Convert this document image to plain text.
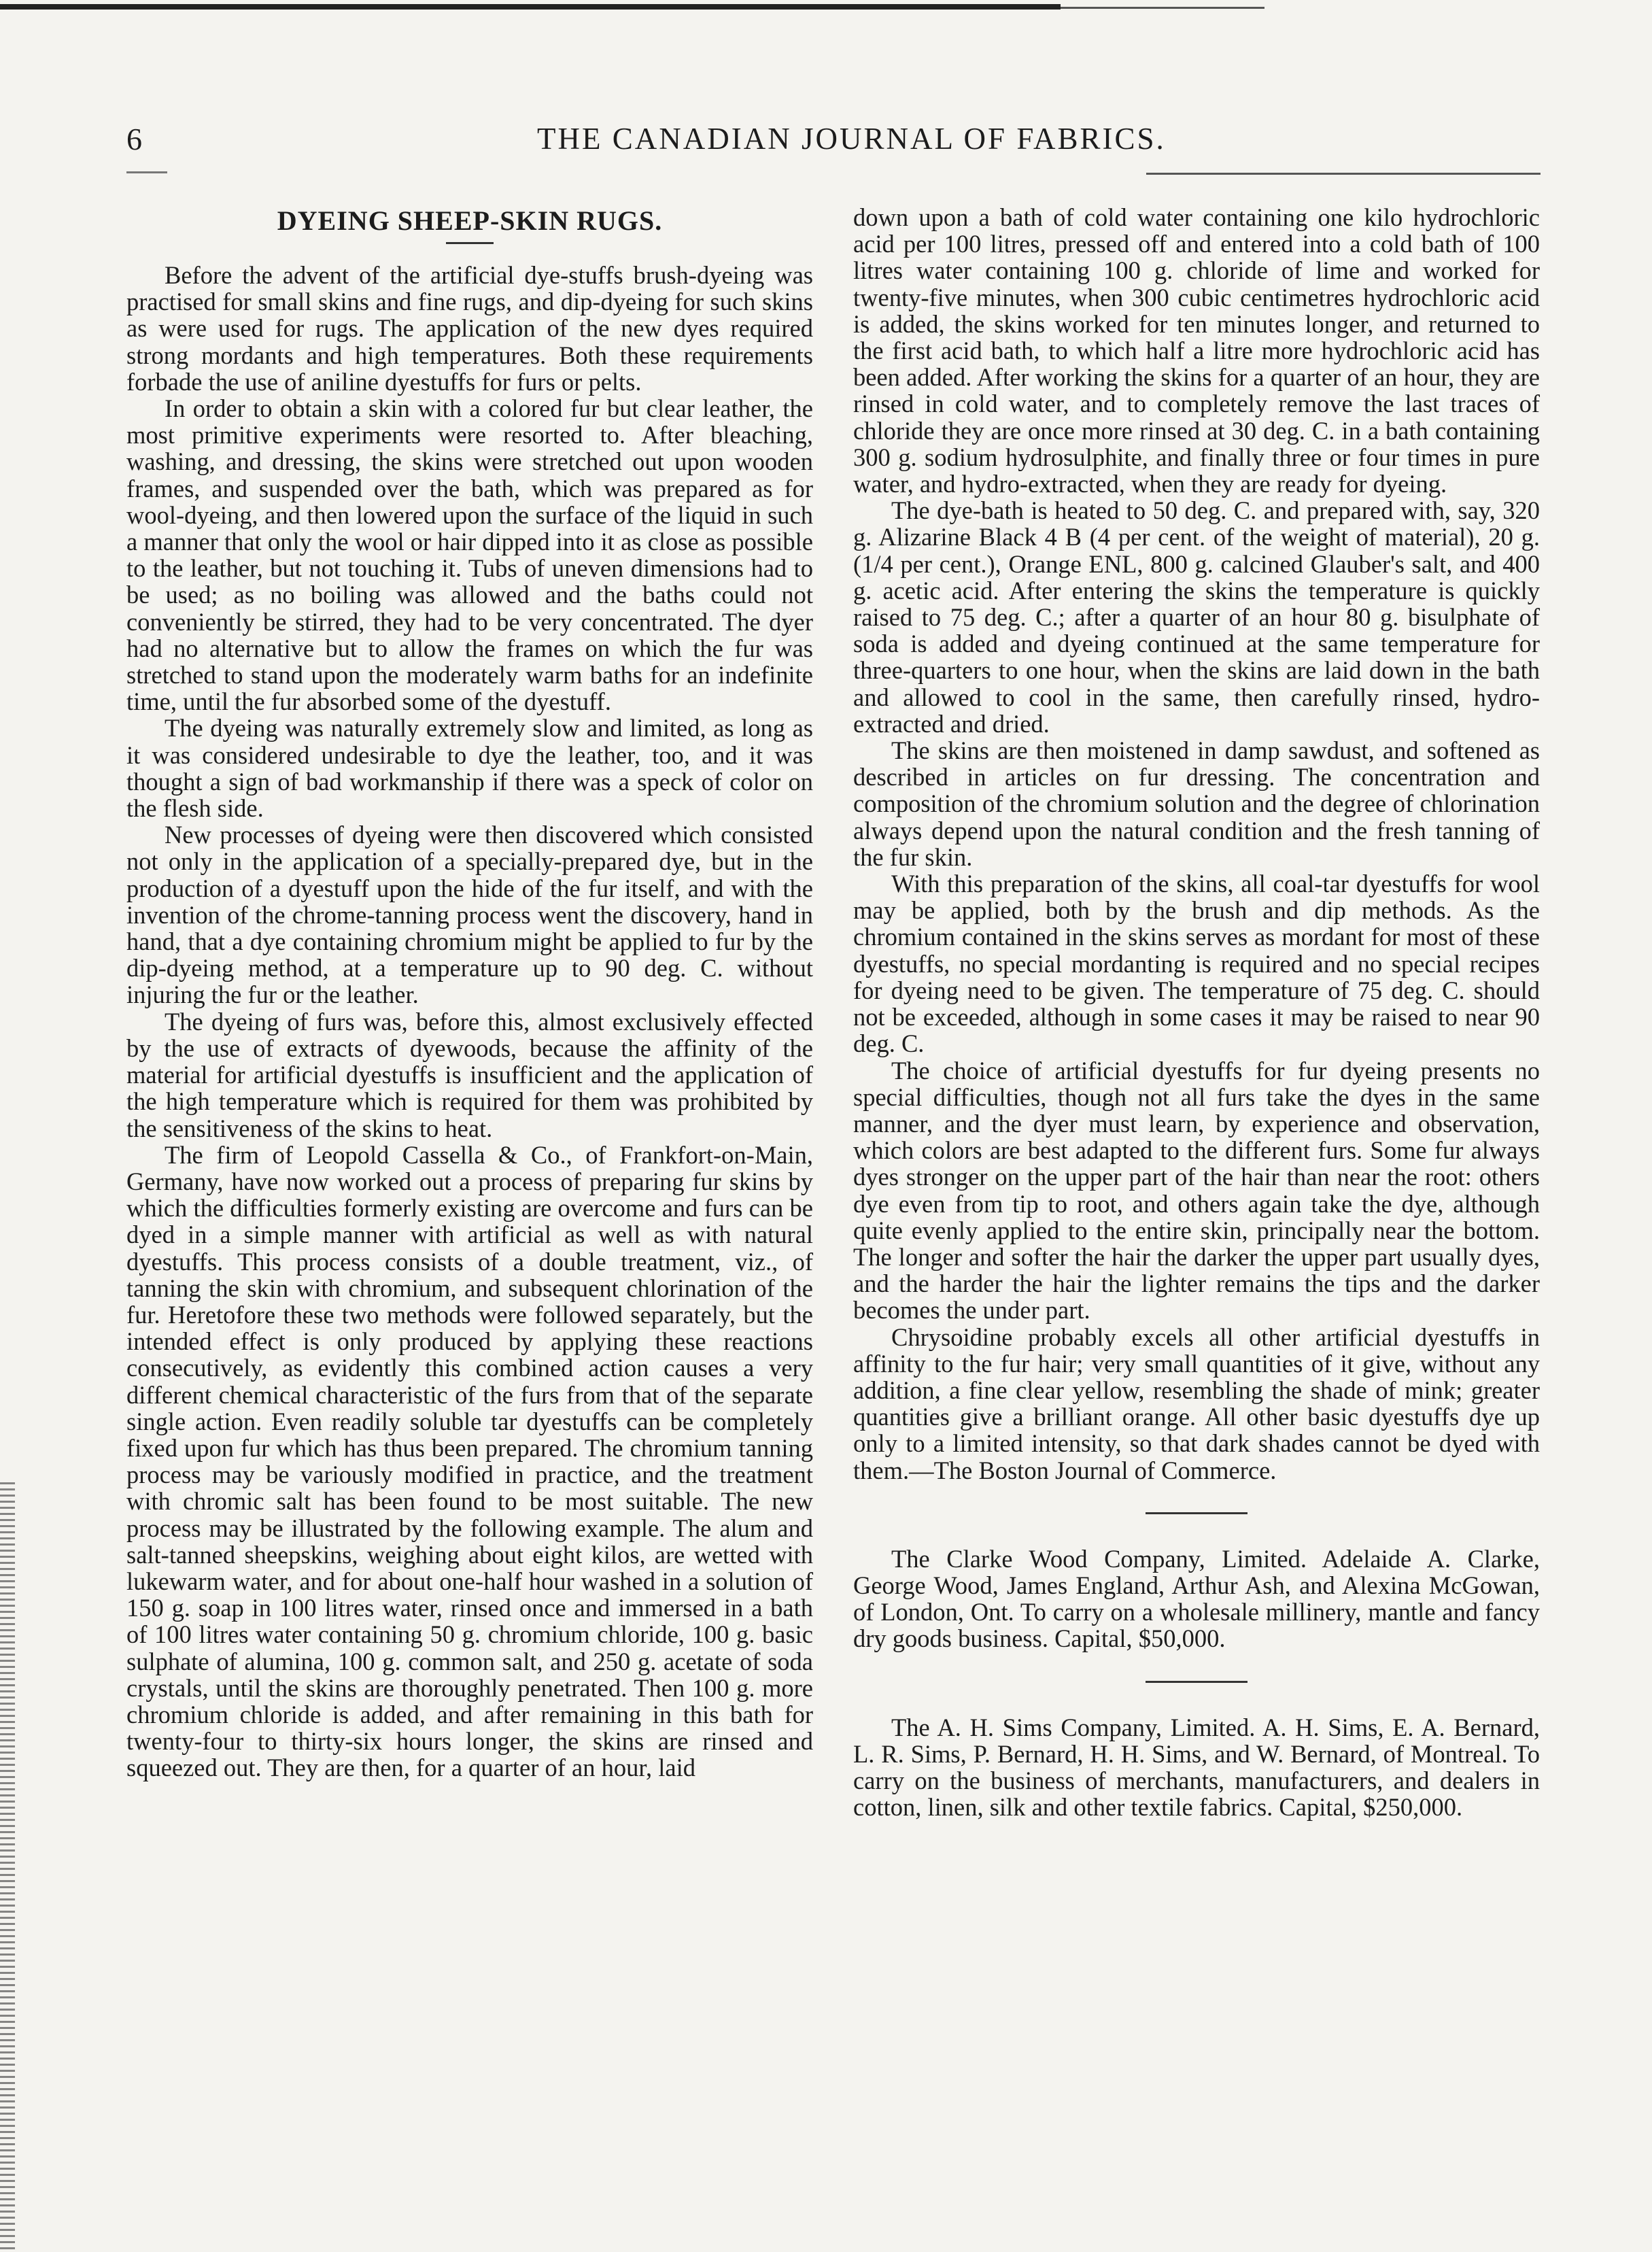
6	THE CANADIAN JOURNAL OF FABRICS.
DYEING SHEEP-SKIN RUGS.

Before the advent of the artificial dye-stuffs brush-dyeing was practised for small skins and fine rugs, and dip-dyeing for such skins as were used for rugs. The application of the new dyes required strong mordants and high temperatures. Both these requirements forbade the use of aniline dyestuffs for furs or pelts.

In order to obtain a skin with a colored fur but clear leather, the most primitive experiments were resorted to. After bleaching, washing, and dressing, the skins were stretched out upon wooden frames, and suspended over the bath, which was prepared as for wool-dyeing, and then lowered upon the surface of the liquid in such a manner that only the wool or hair dipped into it as close as possible to the leather, but not touching it. Tubs of uneven dimensions had to be used; as no boiling was allowed and the baths could not conveniently be stirred, they had to be very concentrated. The dyer had no alternative but to allow the frames on which the fur was stretched to stand upon the moderately warm baths for an indefinite time, until the fur absorbed some of the dyestuff.

The dyeing was naturally extremely slow and limited, as long as it was considered undesirable to dye the leather, too, and it was thought a sign of bad workmanship if there was a speck of color on the flesh side.

New processes of dyeing were then discovered which consisted not only in the application of a specially-prepared dye, but in the production of a dyestuff upon the hide of the fur itself, and with the invention of the chrome-tanning process went the discovery, hand in hand, that a dye containing chromium might be applied to fur by the dip-dyeing method, at a temperature up to 90 deg. C. without injuring the fur or the leather.

The dyeing of furs was, before this, almost exclusively effected by the use of extracts of dyewoods, because the affinity of the material for artificial dyestuffs is insufficient and the application of the high temperature which is required for them was prohibited by the sensitiveness of the skins to heat.

The firm of Leopold Cassella & Co., of Frankfort-on-Main, Germany, have now worked out a process of preparing fur skins by which the difficulties formerly existing are overcome and furs can be dyed in a simple manner with artificial as well as with natural dyestuffs. This process consists of a double treatment, viz., of tanning the skin with chromium, and subsequent chlorination of the fur. Heretofore these two methods were followed separately, but the intended effect is only produced by applying these reactions consecutively, as evidently this combined action causes a very different chemical characteristic of the furs from that of the separate single action. Even readily soluble tar dyestuffs can be completely fixed upon fur which has thus been prepared. The chromium tanning process may be variously modified in practice, and the treatment with chromic salt has been found to be most suitable. The new process may be illustrated by the following example. The alum and salt-tanned sheepskins, weighing about eight kilos, are wetted with lukewarm water, and for about one-half hour washed in a solution of 150 g. soap in 100 litres water, rinsed once and immersed in a bath of 100 litres water containing 50 g. chromium chloride, 100 g. basic sulphate of alumina, 100 g. common salt, and 250 g. acetate of soda crystals, until the skins are thoroughly penetrated. Then 100 g. more chromium chloride is added, and after remaining in this bath for twenty-four to thirty-six hours longer, the skins are rinsed and squeezed out. They are then, for a quarter of an hour, laid

down upon a bath of cold water containing one kilo hydrochloric acid per 100 litres, pressed off and entered into a cold bath of 100 litres water containing 100 g. chloride of lime and worked for twenty-five minutes, when 300 cubic centimetres hydrochloric acid is added, the skins worked for ten minutes longer, and returned to the first acid bath, to which half a litre more hydrochloric acid has been added. After working the skins for a quarter of an hour, they are rinsed in cold water, and to completely remove the last traces of chloride they are once more rinsed at 30 deg. C. in a bath containing 300 g. sodium hydrosulphite, and finally three or four times in pure water, and hydro-extracted, when they are ready for dyeing.

The dye-bath is heated to 50 deg. C. and prepared with, say, 320 g. Alizarine Black 4 B (4 per cent. of the weight of material), 20 g. (1/4 per cent.), Orange ENL, 800 g. calcined Glauber's salt, and 400 g. acetic acid. After entering the skins the temperature is quickly raised to 75 deg. C.; after a quarter of an hour 80 g. bisulphate of soda is added and dyeing continued at the same temperature for three-quarters to one hour, when the skins are laid down in the bath and allowed to cool in the same, then carefully rinsed, hydro-extracted and dried.

The skins are then moistened in damp sawdust, and softened as described in articles on fur dressing. The concentration and composition of the chromium solution and the degree of chlorination always depend upon the natural condition and the fresh tanning of the fur skin.

With this preparation of the skins, all coal-tar dyestuffs for wool may be applied, both by the brush and dip methods. As the chromium contained in the skins serves as mordant for most of these dyestuffs, no special mordanting is required and no special recipes for dyeing need to be given. The temperature of 75 deg. C. should not be exceeded, although in some cases it may be raised to near 90 deg. C.

The choice of artificial dyestuffs for fur dyeing presents no special difficulties, though not all furs take the dyes in the same manner, and the dyer must learn, by experience and observation, which colors are best adapted to the different furs. Some fur always dyes stronger on the upper part of the hair than near the root: others dye even from tip to root, and others again take the dye, although quite evenly applied to the entire skin, principally near the bottom. The longer and softer the hair the darker the upper part usually dyes, and the harder the hair the lighter remains the tips and the darker becomes the under part.

Chrysoidine probably excels all other artificial dyestuffs in affinity to the fur hair; very small quantities of it give, without any addition, a fine clear yellow, resembling the shade of mink; greater quantities give a brilliant orange. All other basic dyestuffs dye up only to a limited intensity, so that dark shades cannot be dyed with them.—The Boston Journal of Commerce.

The Clarke Wood Company, Limited. Adelaide A. Clarke, George Wood, James England, Arthur Ash, and Alexina McGowan, of London, Ont. To carry on a wholesale millinery, mantle and fancy dry goods business. Capital, $50,000.

The A. H. Sims Company, Limited. A. H. Sims, E. A. Bernard, L. R. Sims, P. Bernard, H. H. Sims, and W. Bernard, of Montreal. To carry on the business of merchants, manufacturers, and dealers in cotton, linen, silk and other textile fabrics. Capital, $250,000.
